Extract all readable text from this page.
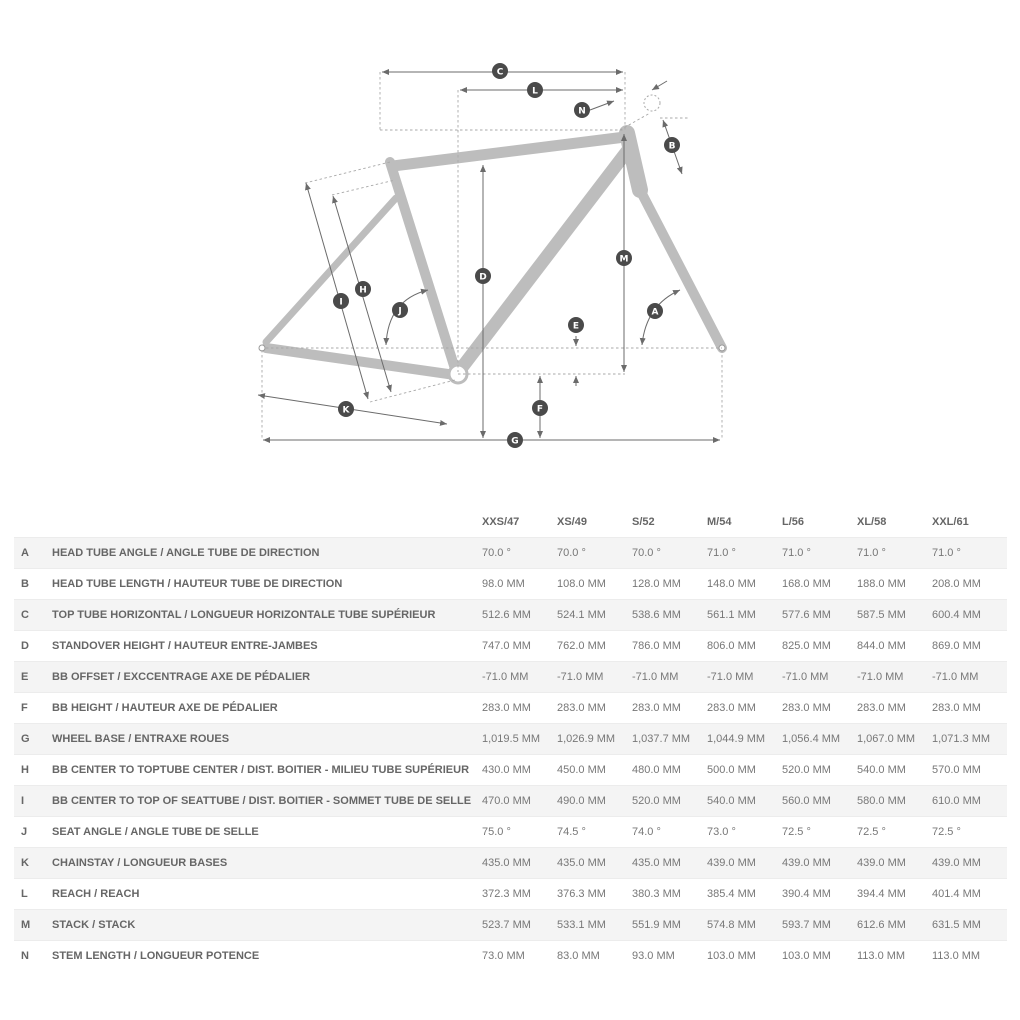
C
L
N
B
M
D
H
I
J	A
E
F
K
G
		XXS/47	XS/49	S/52	M/54	L/56	XL/58	XXL/61
A	HEAD TUBE ANGLE / ANGLE TUBE DE DIRECTION	70.0 °	70.0 °	70.0 °	71.0 °	71.0 °	71.0 °	71.0 °
B	HEAD TUBE LENGTH / HAUTEUR TUBE DE DIRECTION	98.0 MM	108.0 MM	128.0 MM	148.0 MM	168.0 MM	188.0 MM	208.0 MM
C	TOP TUBE HORIZONTAL / LONGUEUR HORIZONTALE TUBE SUPÉRIEUR	512.6 MM	524.1 MM	538.6 MM	561.1 MM	577.6 MM	587.5 MM	600.4 MM
D	STANDOVER HEIGHT / HAUTEUR ENTRE-JAMBES	747.0 MM	762.0 MM	786.0 MM	806.0 MM	825.0 MM	844.0 MM	869.0 MM
E	BB OFFSET / EXCCENTRAGE AXE DE PÉDALIER	-71.0 MM	-71.0 MM	-71.0 MM	-71.0 MM	-71.0 MM	-71.0 MM	-71.0 MM
F	BB HEIGHT / HAUTEUR AXE DE PÉDALIER	283.0 MM	283.0 MM	283.0 MM	283.0 MM	283.0 MM	283.0 MM	283.0 MM
G	WHEEL BASE / ENTRAXE ROUES	1,019.5 MM	1,026.9 MM	1,037.7 MM	1,044.9 MM	1,056.4 MM	1,067.0 MM	1,071.3 MM
H	BB CENTER TO TOPTUBE CENTER / DIST. BOITIER - MILIEU TUBE SUPÉRIEUR	430.0 MM	450.0 MM	480.0 MM	500.0 MM	520.0 MM	540.0 MM	570.0 MM
I	BB CENTER TO TOP OF SEATTUBE / DIST. BOITIER - SOMMET TUBE DE SELLE	470.0 MM	490.0 MM	520.0 MM	540.0 MM	560.0 MM	580.0 MM	610.0 MM
J	SEAT ANGLE / ANGLE TUBE DE SELLE	75.0 °	74.5 °	74.0 °	73.0 °	72.5 °	72.5 °	72.5 °
K	CHAINSTAY / LONGUEUR BASES	435.0 MM	435.0 MM	435.0 MM	439.0 MM	439.0 MM	439.0 MM	439.0 MM
L	REACH / REACH	372.3 MM	376.3 MM	380.3 MM	385.4 MM	390.4 MM	394.4 MM	401.4 MM
M	STACK / STACK	523.7 MM	533.1 MM	551.9 MM	574.8 MM	593.7 MM	612.6 MM	631.5 MM
N	STEM LENGTH / LONGUEUR POTENCE	73.0 MM	83.0 MM	93.0 MM	103.0 MM	103.0 MM	113.0 MM	113.0 MM
